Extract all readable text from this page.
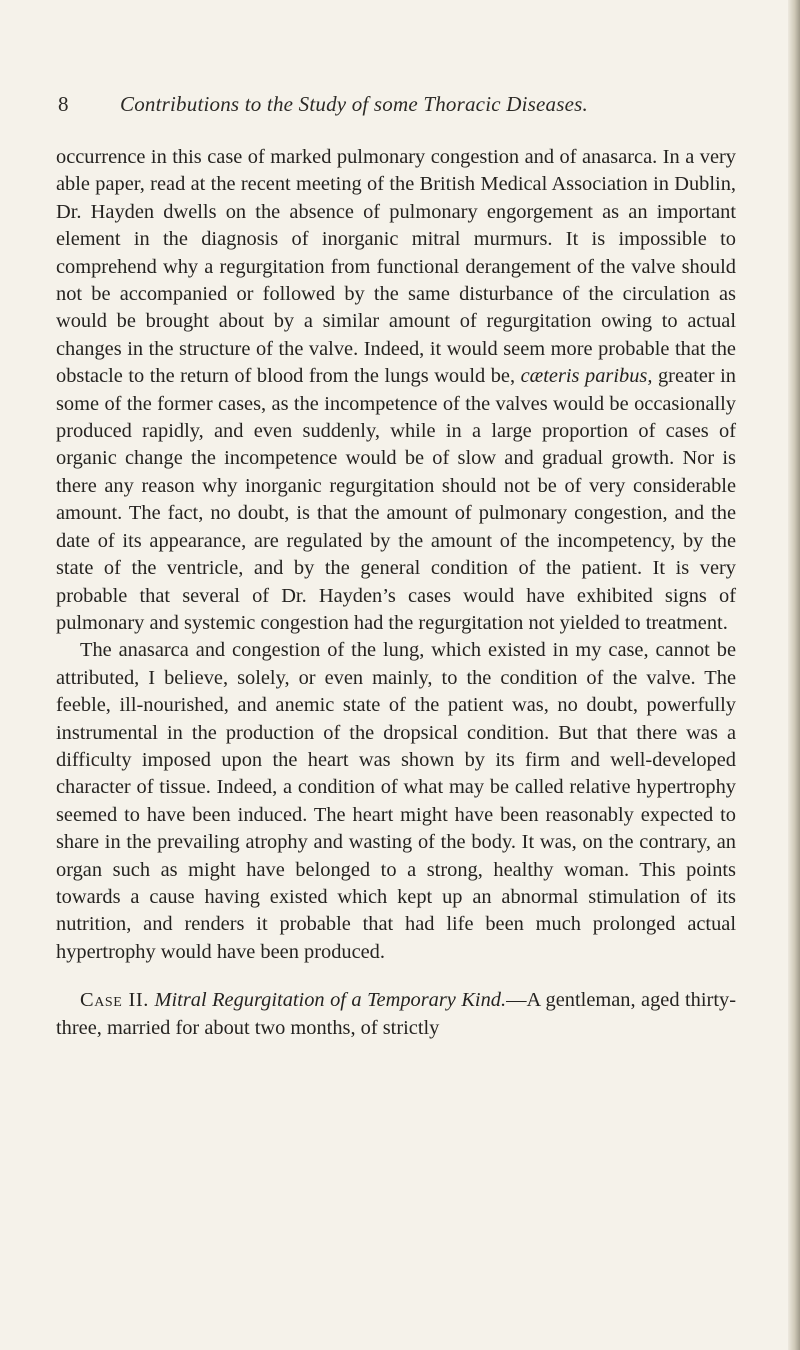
8 Contributions to the Study of some Thoracic Diseases.

occurrence in this case of marked pulmonary congestion and of anasarca. In a very able paper, read at the recent meeting of the British Medical Association in Dublin, Dr. Hayden dwells on the absence of pulmonary engorgement as an important element in the diagnosis of inorganic mitral murmurs. It is impossible to comprehend why a regurgitation from functional derangement of the valve should not be accompanied or followed by the same disturbance of the circulation as would be brought about by a similar amount of regurgitation owing to actual changes in the structure of the valve. Indeed, it would seem more probable that the obstacle to the return of blood from the lungs would be, cæteris paribus, greater in some of the former cases, as the incompetence of the valves would be occasionally produced rapidly, and even suddenly, while in a large proportion of cases of organic change the incompetence would be of slow and gradual growth. Nor is there any reason why inorganic regurgitation should not be of very considerable amount. The fact, no doubt, is that the amount of pulmonary congestion, and the date of its appearance, are regulated by the amount of the incompetency, by the state of the ventricle, and by the general condition of the patient. It is very probable that several of Dr. Hayden’s cases would have exhibited signs of pulmonary and systemic congestion had the regurgitation not yielded to treatment.

The anasarca and congestion of the lung, which existed in my case, cannot be attributed, I believe, solely, or even mainly, to the condition of the valve. The feeble, ill-nourished, and anemic state of the patient was, no doubt, powerfully instrumental in the production of the dropsical condition. But that there was a difficulty imposed upon the heart was shown by its firm and well-developed character of tissue. Indeed, a condition of what may be called relative hypertrophy seemed to have been induced. The heart might have been reasonably expected to share in the prevailing atrophy and wasting of the body. It was, on the contrary, an organ such as might have belonged to a strong, healthy woman. This points towards a cause having existed which kept up an abnormal stimulation of its nutrition, and renders it probable that had life been much prolonged actual hypertrophy would have been produced.

Case II. Mitral Regurgitation of a Temporary Kind.—A gentleman, aged thirty-three, married for about two months, of strictly
